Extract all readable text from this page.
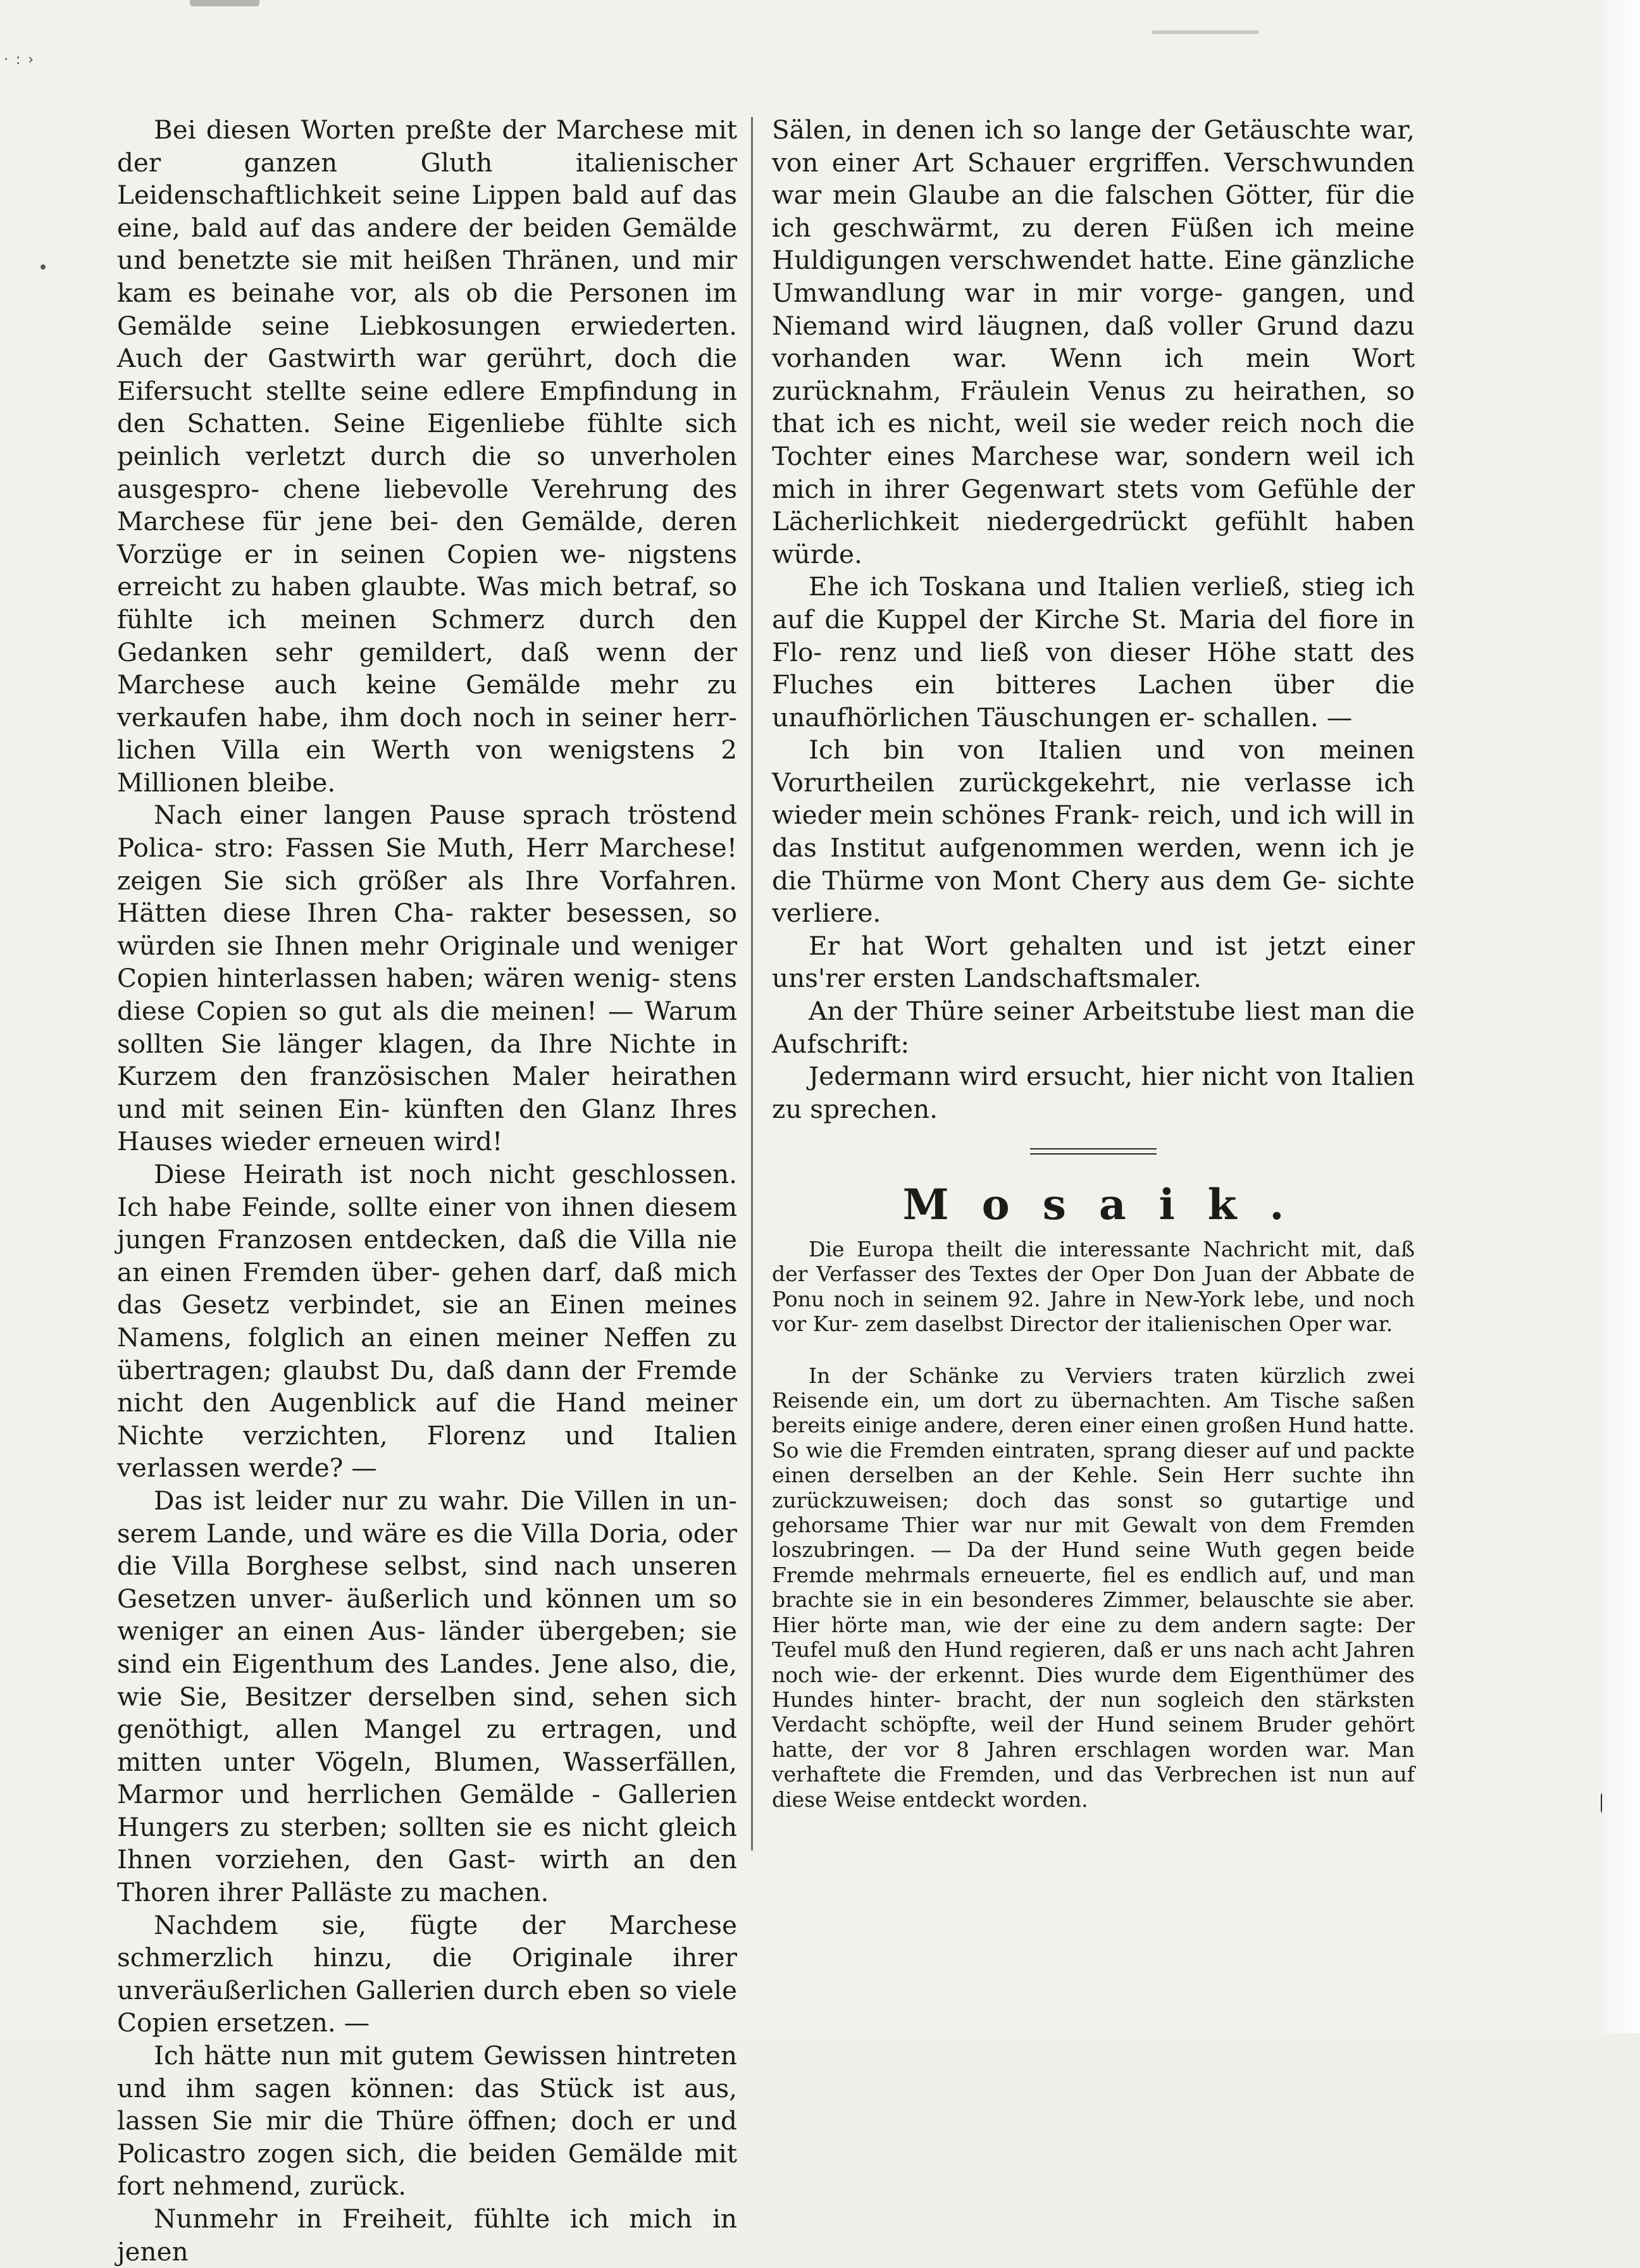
·:›

Bei diesen Worten preßte der Marchese mit der ganzen Gluth italienischer Leidenschaftlichkeit seine Lippen bald auf das eine, bald auf das andere der beiden Gemälde und benetzte sie mit heißen Thränen, und mir kam es beinahe vor, als ob die Personen im Gemälde seine Liebkosungen erwiederten. Auch der Gastwirth war gerührt, doch die Eifersucht stellte seine edlere Empfindung in den Schatten. Seine Eigenliebe fühlte sich peinlich verletzt durch die so unverholen ausgespro- chene liebevolle Verehrung des Marchese für jene bei- den Gemälde, deren Vorzüge er in seinen Copien we- nigstens erreicht zu haben glaubte. Was mich betraf, so fühlte ich meinen Schmerz durch den Gedanken sehr gemildert, daß wenn der Marchese auch keine Gemälde mehr zu verkaufen habe, ihm doch noch in seiner herr- lichen Villa ein Werth von wenigstens 2 Millionen bleibe.

Nach einer langen Pause sprach tröstend Polica- stro: Fassen Sie Muth, Herr Marchese! zeigen Sie sich größer als Ihre Vorfahren. Hätten diese Ihren Cha- rakter besessen, so würden sie Ihnen mehr Originale und weniger Copien hinterlassen haben; wären wenig- stens diese Copien so gut als die meinen! — Warum sollten Sie länger klagen, da Ihre Nichte in Kurzem den französischen Maler heirathen und mit seinen Ein- künften den Glanz Ihres Hauses wieder erneuen wird!

Diese Heirath ist noch nicht geschlossen. Ich habe Feinde, sollte einer von ihnen diesem jungen Franzosen entdecken, daß die Villa nie an einen Fremden über- gehen darf, daß mich das Gesetz verbindet, sie an Einen meines Namens, folglich an einen meiner Neffen zu übertragen; glaubst Du, daß dann der Fremde nicht den Augenblick auf die Hand meiner Nichte verzichten, Florenz und Italien verlassen werde? —

Das ist leider nur zu wahr. Die Villen in un- serem Lande, und wäre es die Villa Doria, oder die Villa Borghese selbst, sind nach unseren Gesetzen unver- äußerlich und können um so weniger an einen Aus- länder übergeben; sie sind ein Eigenthum des Landes. Jene also, die, wie Sie, Besitzer derselben sind, sehen sich genöthigt, allen Mangel zu ertragen, und mitten unter Vögeln, Blumen, Wasserfällen, Marmor und herrlichen Gemälde - Gallerien Hungers zu sterben; sollten sie es nicht gleich Ihnen vorziehen, den Gast- wirth an den Thoren ihrer Palläste zu machen.

Nachdem sie, fügte der Marchese schmerzlich hinzu, die Originale ihrer unveräußerlichen Gallerien durch eben so viele Copien ersetzen. —

Ich hätte nun mit gutem Gewissen hintreten und ihm sagen können: das Stück ist aus, lassen Sie mir die Thüre öffnen; doch er und Policastro zogen sich, die beiden Gemälde mit fort nehmend, zurück.

Nunmehr in Freiheit, fühlte ich mich in jenen

Sälen, in denen ich so lange der Getäuschte war, von einer Art Schauer ergriffen. Verschwunden war mein Glaube an die falschen Götter, für die ich geschwärmt, zu deren Füßen ich meine Huldigungen verschwendet hatte. Eine gänzliche Umwandlung war in mir vorge- gangen, und Niemand wird läugnen, daß voller Grund dazu vorhanden war. Wenn ich mein Wort zurücknahm, Fräulein Venus zu heirathen, so that ich es nicht, weil sie weder reich noch die Tochter eines Marchese war, sondern weil ich mich in ihrer Gegenwart stets vom Gefühle der Lächerlichkeit niedergedrückt gefühlt haben würde.

Ehe ich Toskana und Italien verließ, stieg ich auf die Kuppel der Kirche St. Maria del fiore in Flo- renz und ließ von dieser Höhe statt des Fluches ein bitteres Lachen über die unaufhörlichen Täuschungen er- schallen. —

Ich bin von Italien und von meinen Vorurtheilen zurückgekehrt, nie verlasse ich wieder mein schönes Frank- reich, und ich will in das Institut aufgenommen werden, wenn ich je die Thürme von Mont Chery aus dem Ge- sichte verliere.

Er hat Wort gehalten und ist jetzt einer uns'rer ersten Landschaftsmaler.

An der Thüre seiner Arbeitstube liest man die Aufschrift:

Jedermann wird ersucht, hier nicht von Italien zu sprechen.

Mosaik.

Die Europa theilt die interessante Nachricht mit, daß der Verfasser des Textes der Oper Don Juan der Abbate de Ponu noch in seinem 92. Jahre in New-York lebe, und noch vor Kur- zem daselbst Director der italienischen Oper war.

In der Schänke zu Verviers traten kürzlich zwei Reisende ein, um dort zu übernachten. Am Tische saßen bereits einige andere, deren einer einen großen Hund hatte. So wie die Fremden eintraten, sprang dieser auf und packte einen derselben an der Kehle. Sein Herr suchte ihn zurückzuweisen; doch das sonst so gutartige und gehorsame Thier war nur mit Gewalt von dem Fremden loszubringen. — Da der Hund seine Wuth gegen beide Fremde mehrmals erneuerte, fiel es endlich auf, und man brachte sie in ein besonderes Zimmer, belauschte sie aber. Hier hörte man, wie der eine zu dem andern sagte: Der Teufel muß den Hund regieren, daß er uns nach acht Jahren noch wie- der erkennt. Dies wurde dem Eigenthümer des Hundes hinter- bracht, der nun sogleich den stärksten Verdacht schöpfte, weil der Hund seinem Bruder gehört hatte, der vor 8 Jahren erschlagen worden war. Man verhaftete die Fremden, und das Verbrechen ist nun auf diese Weise entdeckt worden.
